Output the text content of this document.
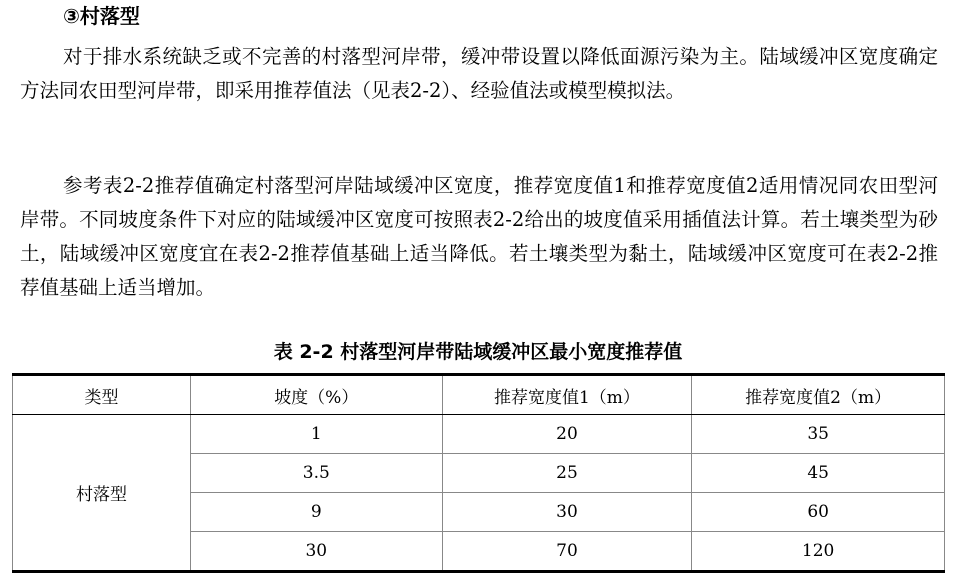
③村落型

对于排水系统缺乏或不完善的村落型河岸带，缓冲带设置以降低面源污染为主。陆域缓冲区宽度确定方法同农田型河岸带，即采用推荐值法（见表2-2）、经验值法或模型模拟法。

参考表2-2推荐值确定村落型河岸陆域缓冲区宽度，推荐宽度值1和推荐宽度值2适用情况同农田型河岸带。不同坡度条件下对应的陆域缓冲区宽度可按照表2-2给出的坡度值采用插值法计算。若土壤类型为砂土，陆域缓冲区宽度宜在表2-2推荐值基础上适当降低。若土壤类型为黏土，陆域缓冲区宽度可在表2-2推荐值基础上适当增加。

表 2-2 村落型河岸带陆域缓冲区最小宽度推荐值
类型	坡度（%）	推荐宽度值1（m）	推荐宽度值2（m）
村落型	1	20	35
	3.5	25	45
	9	30	60
	30	70	120
